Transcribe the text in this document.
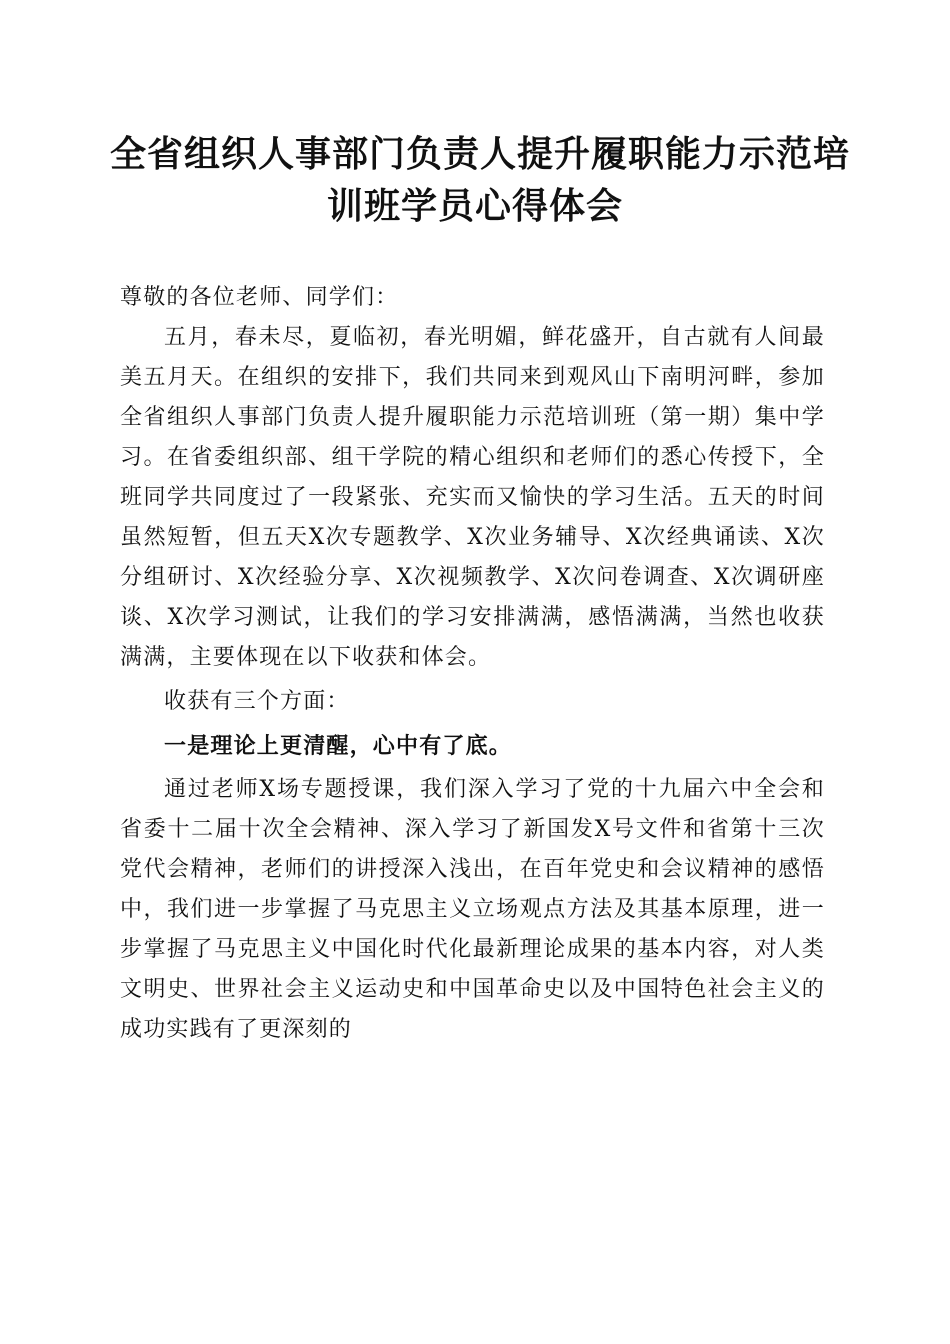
全省组织人事部门负责人提升履职能力示范培
训班学员心得体会

尊敬的各位老师、同学们：

五月，春未尽，夏临初，春光明媚，鲜花盛开，自古就有人间最美五月天。在组织的安排下，我们共同来到观风山下南明河畔，参加全省组织人事部门负责人提升履职能力示范培训班（第一期）集中学习。在省委组织部、组干学院的精心组织和老师们的悉心传授下，全班同学共同度过了一段紧张、充实而又愉快的学习生活。五天的时间虽然短暂，但五天X次专题教学、X次业务辅导、X次经典诵读、X次分组研讨、X次经验分享、X次视频教学、X次问卷调查、X次调研座谈、X次学习测试，让我们的学习安排满满，感悟满满，当然也收获满满，主要体现在以下收获和体会。

收获有三个方面：

一是理论上更清醒，心中有了底。

通过老师X场专题授课，我们深入学习了党的十九届六中全会和省委十二届十次全会精神、深入学习了新国发X号文件和省第十三次党代会精神，老师们的讲授深入浅出，在百年党史和会议精神的感悟中，我们进一步掌握了马克思主义立场观点方法及其基本原理，进一步掌握了马克思主义中国化时代化最新理论成果的基本内容，对人类文明史、世界社会主义运动史和中国革命史以及中国特色社会主义的成功实践有了更深刻的
